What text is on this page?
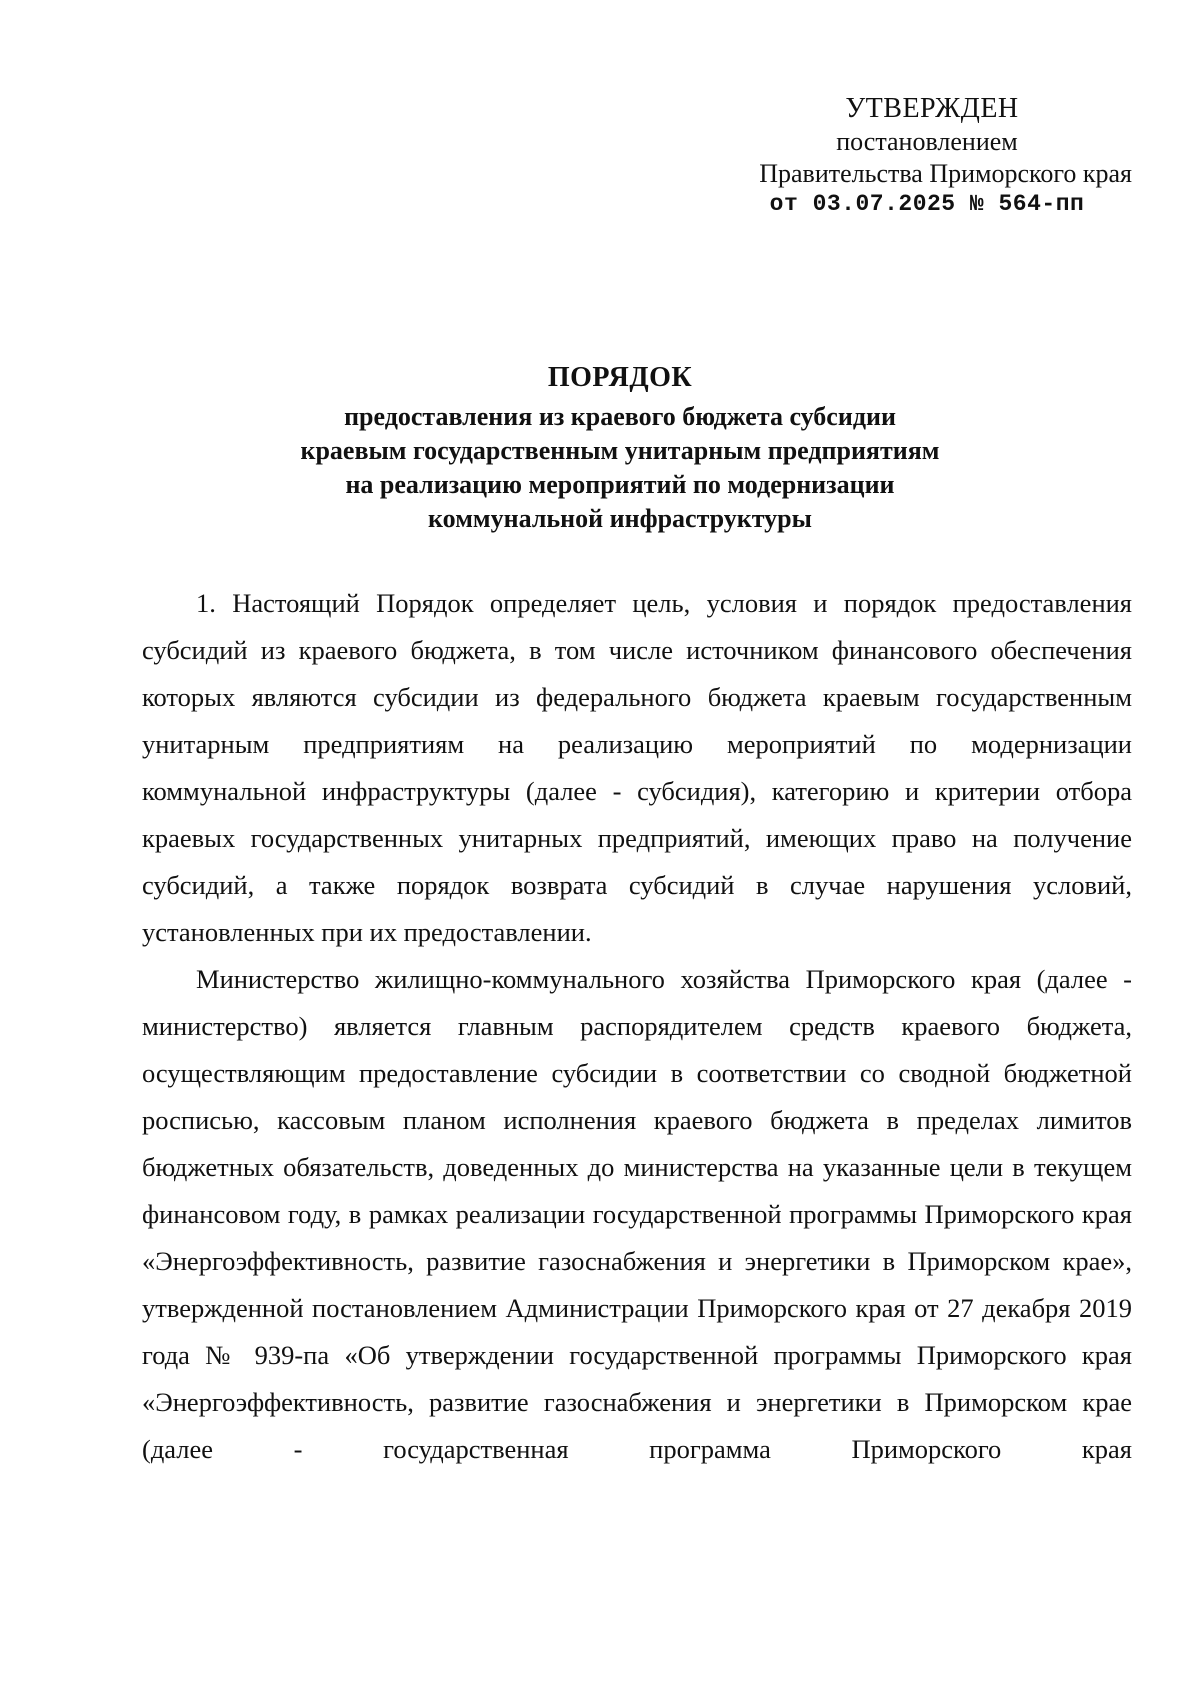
УТВЕРЖДЕН
постановлением
Правительства Приморского края
от 03.07.2025 № 564-пп
ПОРЯДОК
предоставления из краевого бюджета субсидии
краевым государственным унитарным предприятиям
на реализацию мероприятий по модернизации
коммунальной инфраструктуры

1. Настоящий Порядок определяет цель, условия и порядок предоставления субсидий из краевого бюджета, в том числе источником финансового обеспечения которых являются субсидии из федерального бюджета краевым государственным унитарным предприятиям на реализацию мероприятий по модернизации коммунальной инфраструктуры (далее - субсидия), категорию и критерии отбора краевых государственных унитарных предприятий, имеющих право на получение субсидий, а также порядок возврата субсидий в случае нарушения условий, установленных при их предоставлении.

Министерство жилищно-коммунального хозяйства Приморского края (далее - министерство) является главным распорядителем средств краевого бюджета, осуществляющим предоставление субсидии в соответствии со сводной бюджетной росписью, кассовым планом исполнения краевого бюджета в пределах лимитов бюджетных обязательств, доведенных до министерства на указанные цели в текущем финансовом году, в рамках реализации государственной программы Приморского края «Энергоэффективность, развитие газоснабжения и энергетики в Приморском крае», утвержденной постановлением Администрации Приморского края от 27 декабря 2019 года № 939-па «Об утверждении государственной программы Приморского края «Энергоэффективность, развитие газоснабжения и энергетики в Приморском крае (далее - государственная программа Приморского края
